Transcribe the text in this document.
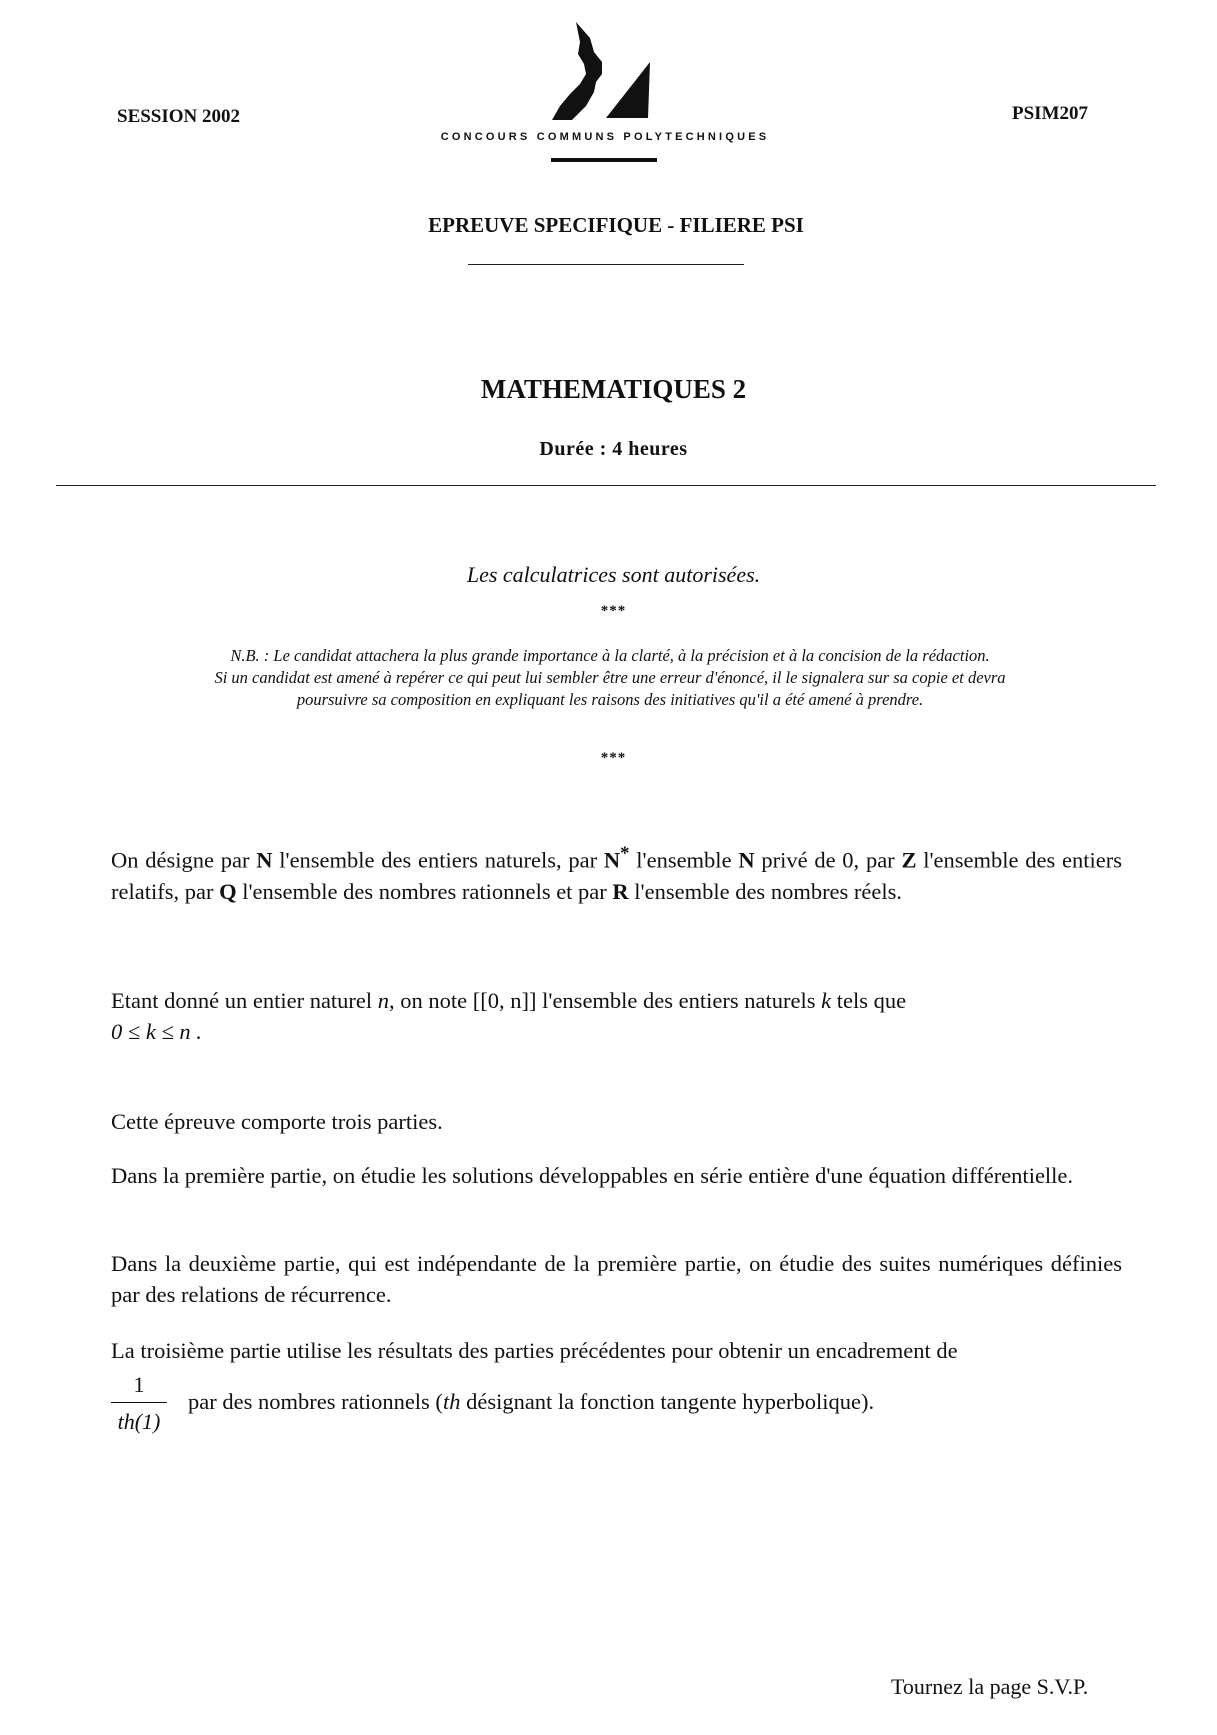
SESSION 2002
CONCOURS COMMUNS POLYTECHNIQUES
PSIM207
EPREUVE SPECIFIQUE - FILIERE PSI
MATHEMATIQUES 2
Durée : 4 heures
Les calculatrices sont autorisées.
***
N.B. : Le candidat attachera la plus grande importance à la clarté, à la précision et à la concision de la rédaction.
Si un candidat est amené à repérer ce qui peut lui sembler être une erreur d'énoncé, il le signalera sur sa copie et devra
poursuivre sa composition en expliquant les raisons des initiatives qu'il a été amené à prendre.
***
On désigne par N l'ensemble des entiers naturels, par N* l'ensemble N privé de 0, par Z l'ensemble des entiers relatifs, par Q l'ensemble des nombres rationnels et par R l'ensemble des nombres réels.
Etant donné un entier naturel n, on note [[0, n]] l'ensemble des entiers naturels k tels que
0 ≤ k ≤ n .
Cette épreuve comporte trois parties.
Dans la première partie, on étudie les solutions développables en série entière d'une équation différentielle.
Dans la deuxième partie, qui est indépendante de la première partie, on étudie des suites numériques définies par des relations de récurrence.
La troisième partie utilise les résultats des parties précédentes pour obtenir un encadrement de
1
th(1)
par des nombres rationnels (th désignant la fonction tangente hyperbolique).
Tournez la page S.V.P.
